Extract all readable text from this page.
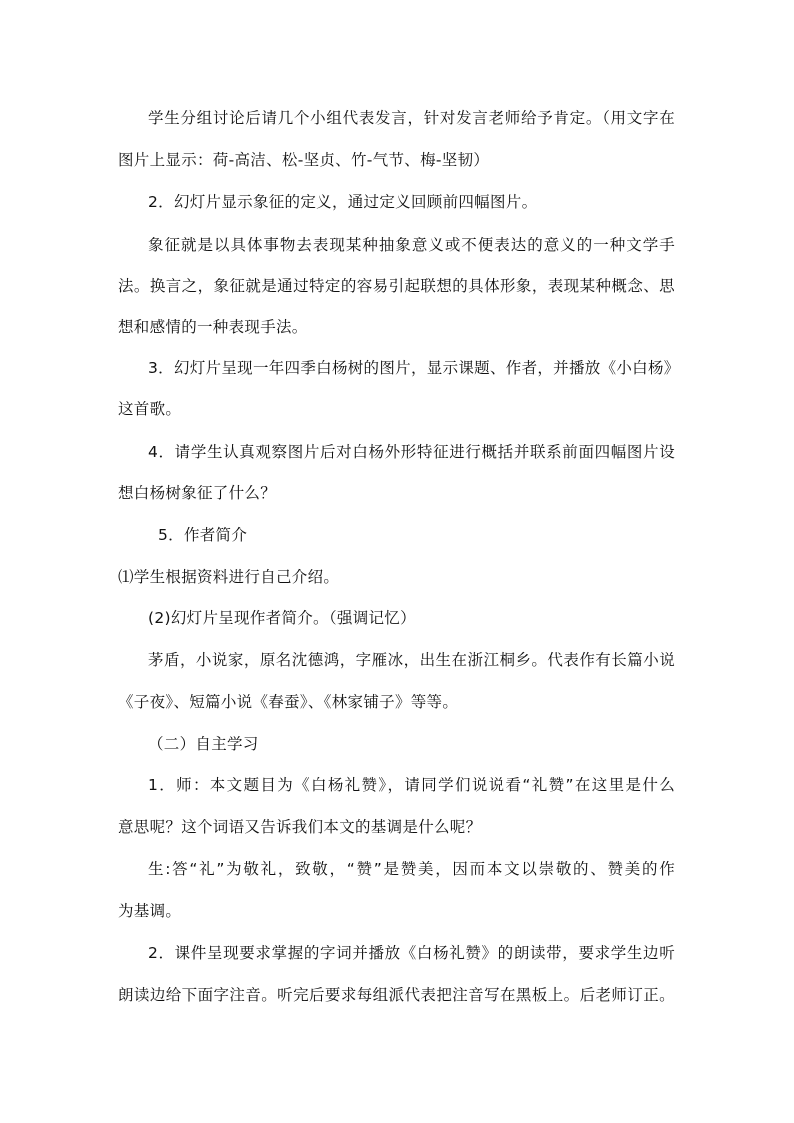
学生分组讨论后请几个小组代表发言，针对发言老师给予肯定。（用文字在
图片上显示：荷-高洁、松-坚贞、竹-气节、梅-坚韧）
2．幻灯片显示象征的定义，通过定义回顾前四幅图片。
象征就是以具体事物去表现某种抽象意义或不便表达的意义的一种文学手
法。换言之，象征就是通过特定的容易引起联想的具体形象，表现某种概念、思
想和感情的一种表现手法。
3．幻灯片呈现一年四季白杨树的图片，显示课题、作者，并播放《小白杨》
这首歌。
4．请学生认真观察图片后对白杨外形特征进行概括并联系前面四幅图片设
想白杨树象征了什么？
5．作者简介
⑴学生根据资料进行自己介绍。
(2)幻灯片呈现作者简介。（强调记忆）
茅盾，小说家，原名沈德鸿，字雁冰，出生在浙江桐乡。代表作有长篇小说
《子夜》、短篇小说《春蚕》、《林家铺子》等等。
（二）自主学习
1．师：本文题目为《白杨礼赞》，请同学们说说看“礼赞”在这里是什么
意思呢？这个词语又告诉我们本文的基调是什么呢？
生:答“礼”为敬礼，致敬，“赞”是赞美，因而本文以崇敬的、赞美的作
为基调。
2．课件呈现要求掌握的字词并播放《白杨礼赞》的朗读带，要求学生边听
朗读边给下面字注音。听完后要求每组派代表把注音写在黑板上。后老师订正。
